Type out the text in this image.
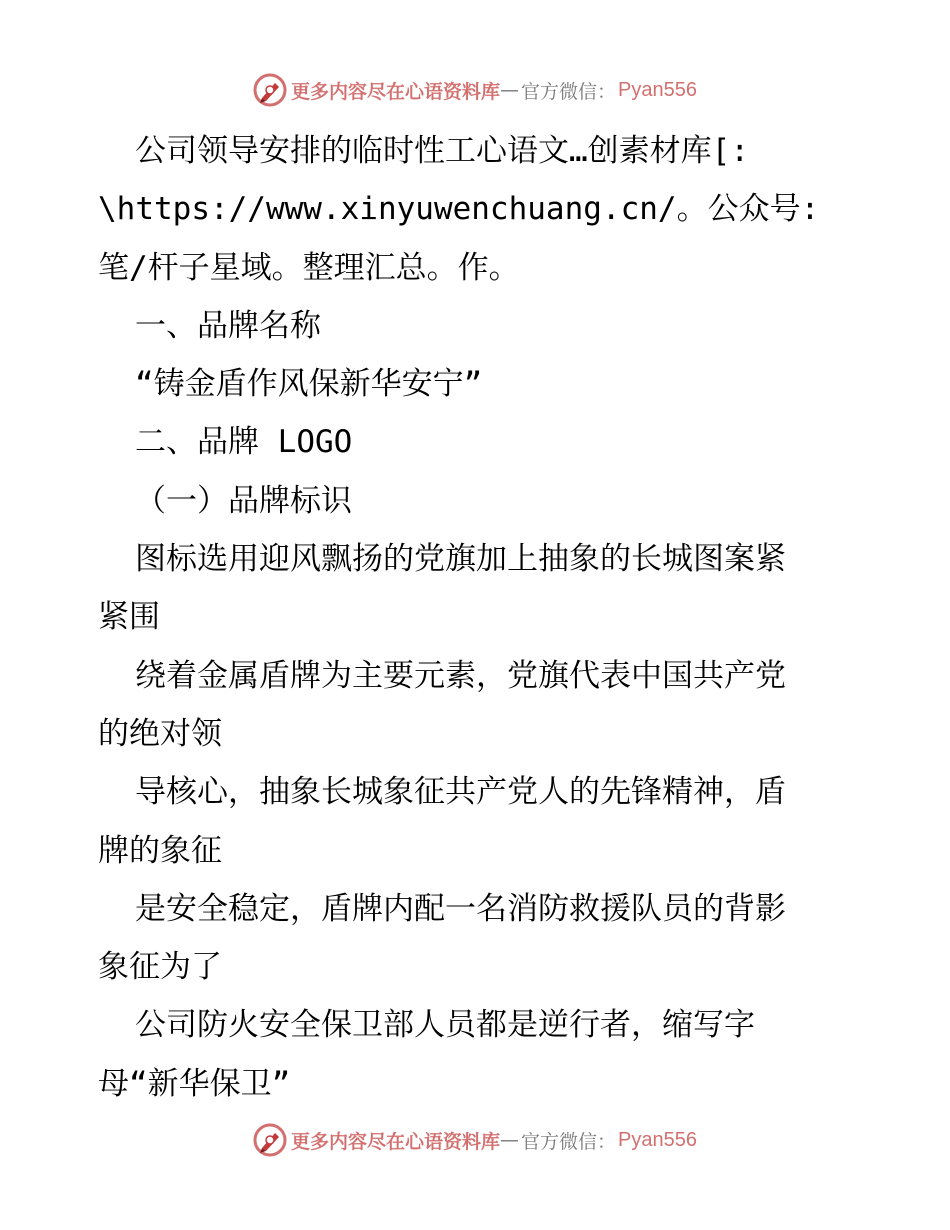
更多内容尽在心语资料库 — 官方微信： Pyan556
公司领导安排的临时性工心语文…创素材库[:
\https://www.xinyuwenchuang.cn/。公众号:
笔/杆子星域。整理汇总。作。
一、品牌名称
“铸金盾作风保新华安宁”
二、品牌 LOGO
（一）品牌标识
图标选用迎风飘扬的党旗加上抽象的长城图案紧
紧围
绕着金属盾牌为主要元素，党旗代表中国共产党
的绝对领
导核心，抽象长城象征共产党人的先锋精神，盾
牌的象征
是安全稳定，盾牌内配一名消防救援队员的背影
象征为了
公司防火安全保卫部人员都是逆行者，缩写字
母“新华保卫”
更多内容尽在心语资料库 — 官方微信： Pyan556
